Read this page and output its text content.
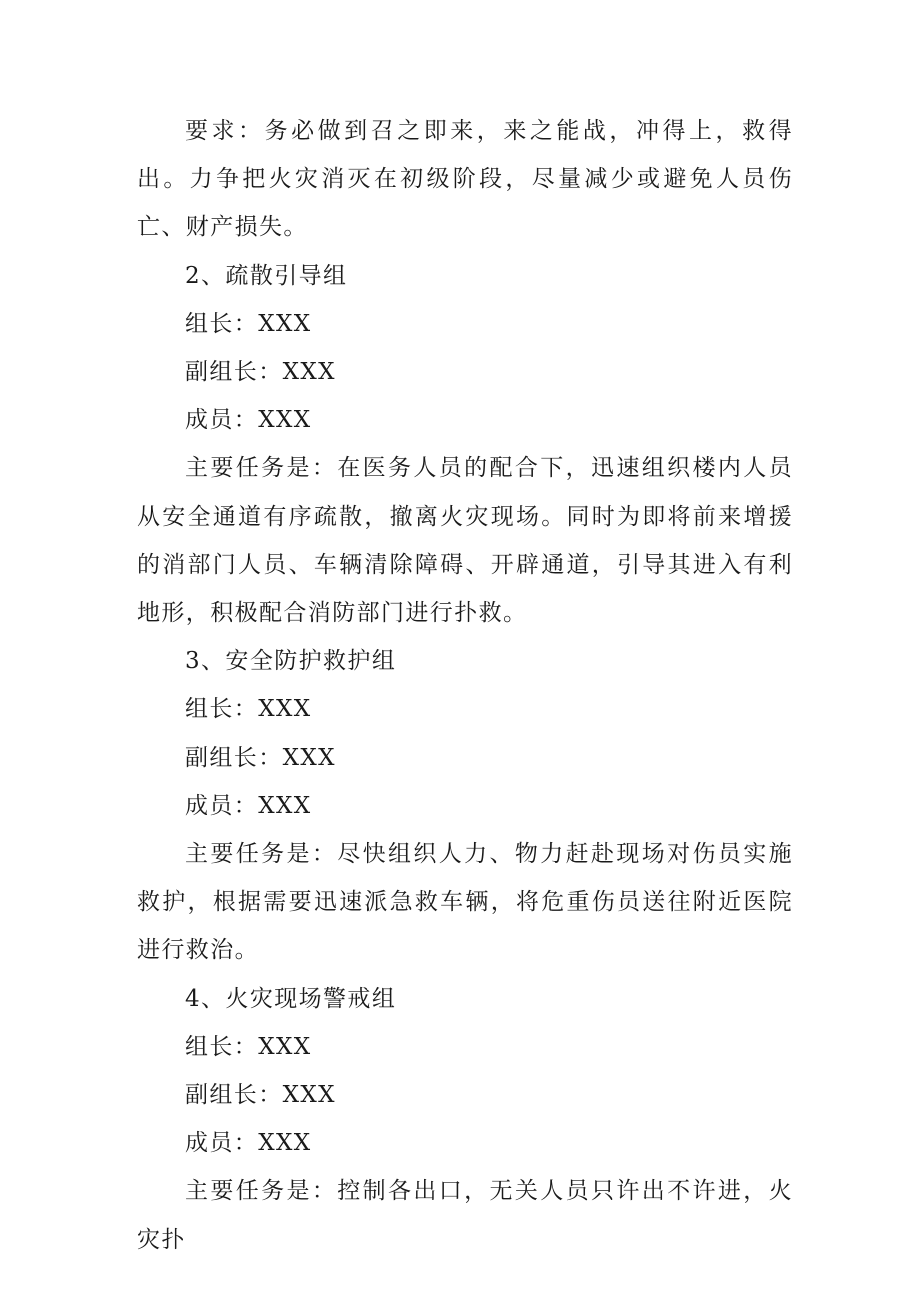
要求：务必做到召之即来，来之能战，冲得上，救得出。力争把火灾消灭在初级阶段，尽量减少或避免人员伤亡、财产损失。

2、疏散引导组

组长：XXX

副组长：XXX

成员：XXX

主要任务是：在医务人员的配合下，迅速组织楼内人员从安全通道有序疏散，撤离火灾现场。同时为即将前来增援的消部门人员、车辆清除障碍、开辟通道，引导其进入有利地形，积极配合消防部门进行扑救。

3、安全防护救护组

组长：XXX

副组长：XXX

成员：XXX

主要任务是：尽快组织人力、物力赶赴现场对伤员实施救护，根据需要迅速派急救车辆，将危重伤员送往附近医院进行救治。

4、火灾现场警戒组

组长：XXX

副组长：XXX

成员：XXX

主要任务是：控制各出口，无关人员只许出不许进，火灾扑
